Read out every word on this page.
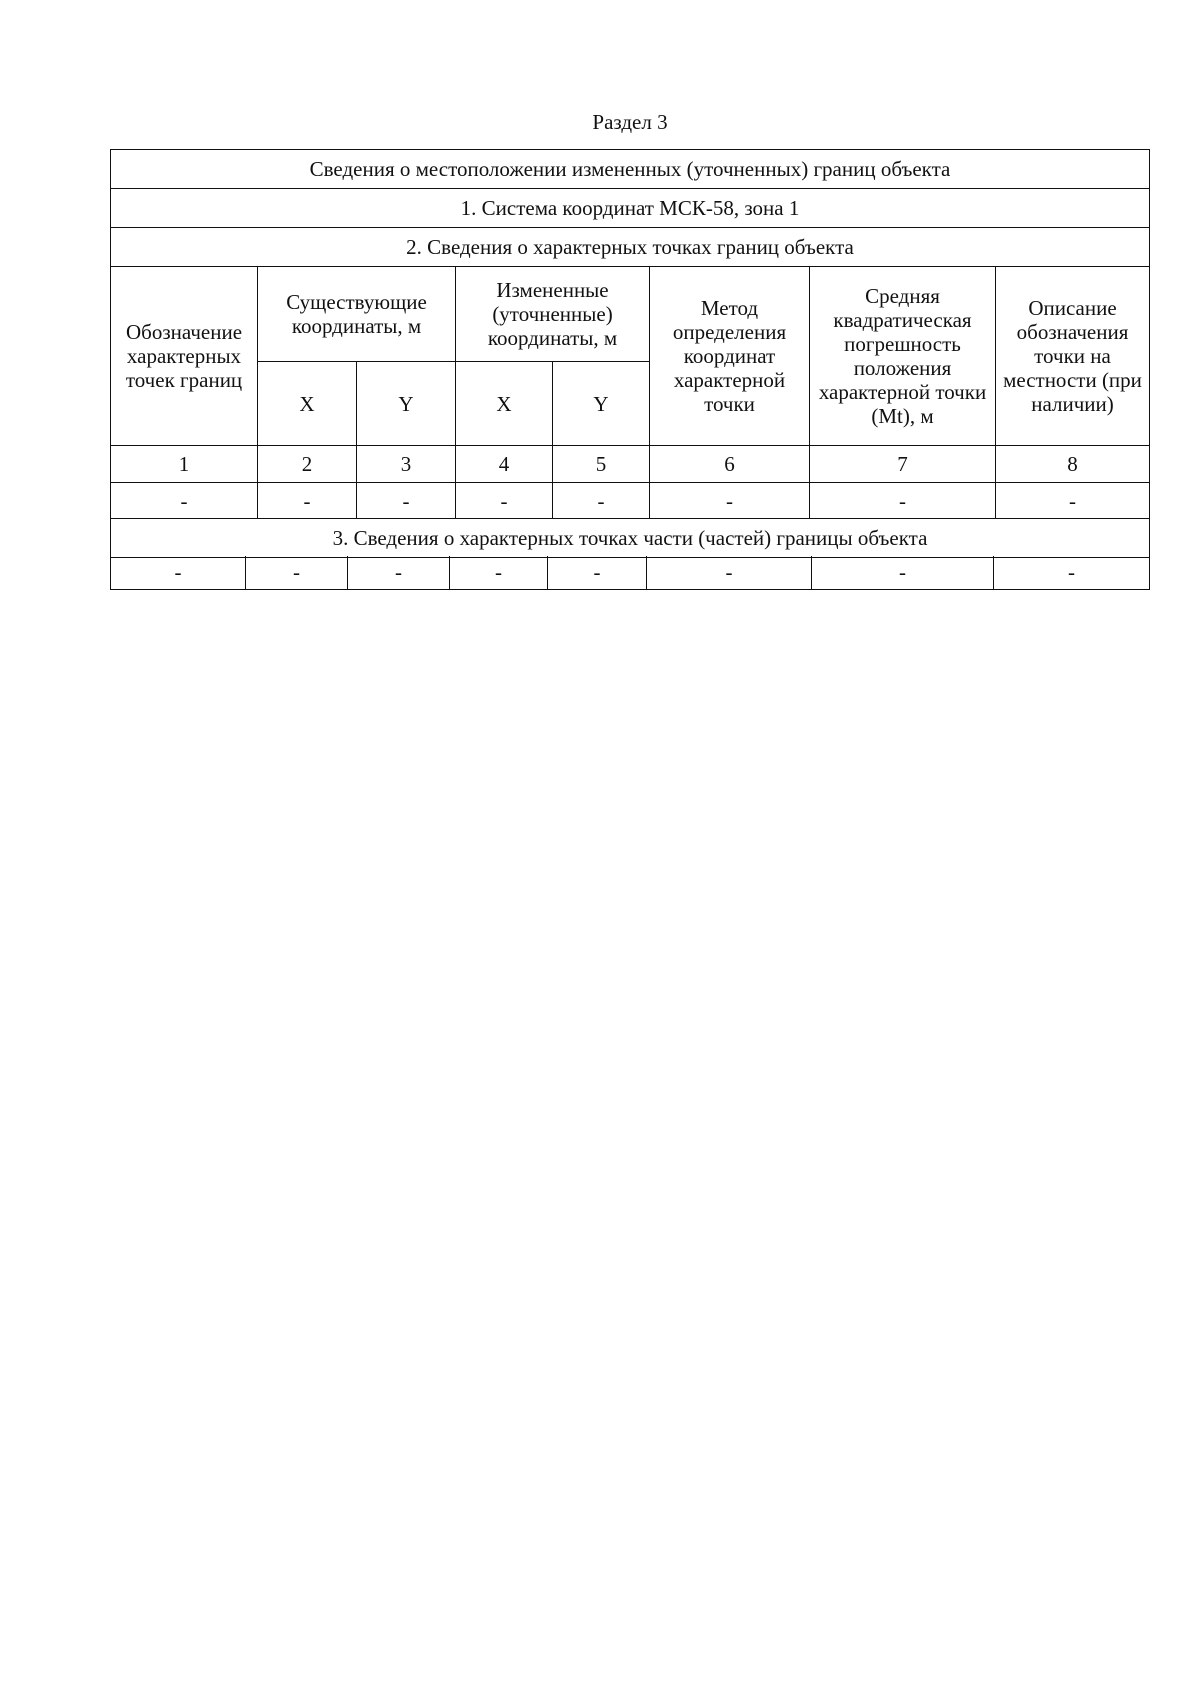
Раздел 3
Сведения о местоположении измененных (уточненных) границ объекта							
1. Система координат МСК-58, зона 1							
2. Сведения о характерных точках границ объекта							
Обозначение характерных точек границ	Существующие координаты, м		Измененные (уточненные) координаты, м		Метод определения координат характерной точки	Средняя квадратическая погрешность положения характерной точки (Mt), м	Описание обозначения точки на местности (при наличии)
	X	Y	X	Y			
1	2	3	4	5	6	7	8
-	-	-	-	-	-	-	-
3. Сведения о характерных точках части (частей) границы объекта							
-	-	-	-	-	-	-	-
